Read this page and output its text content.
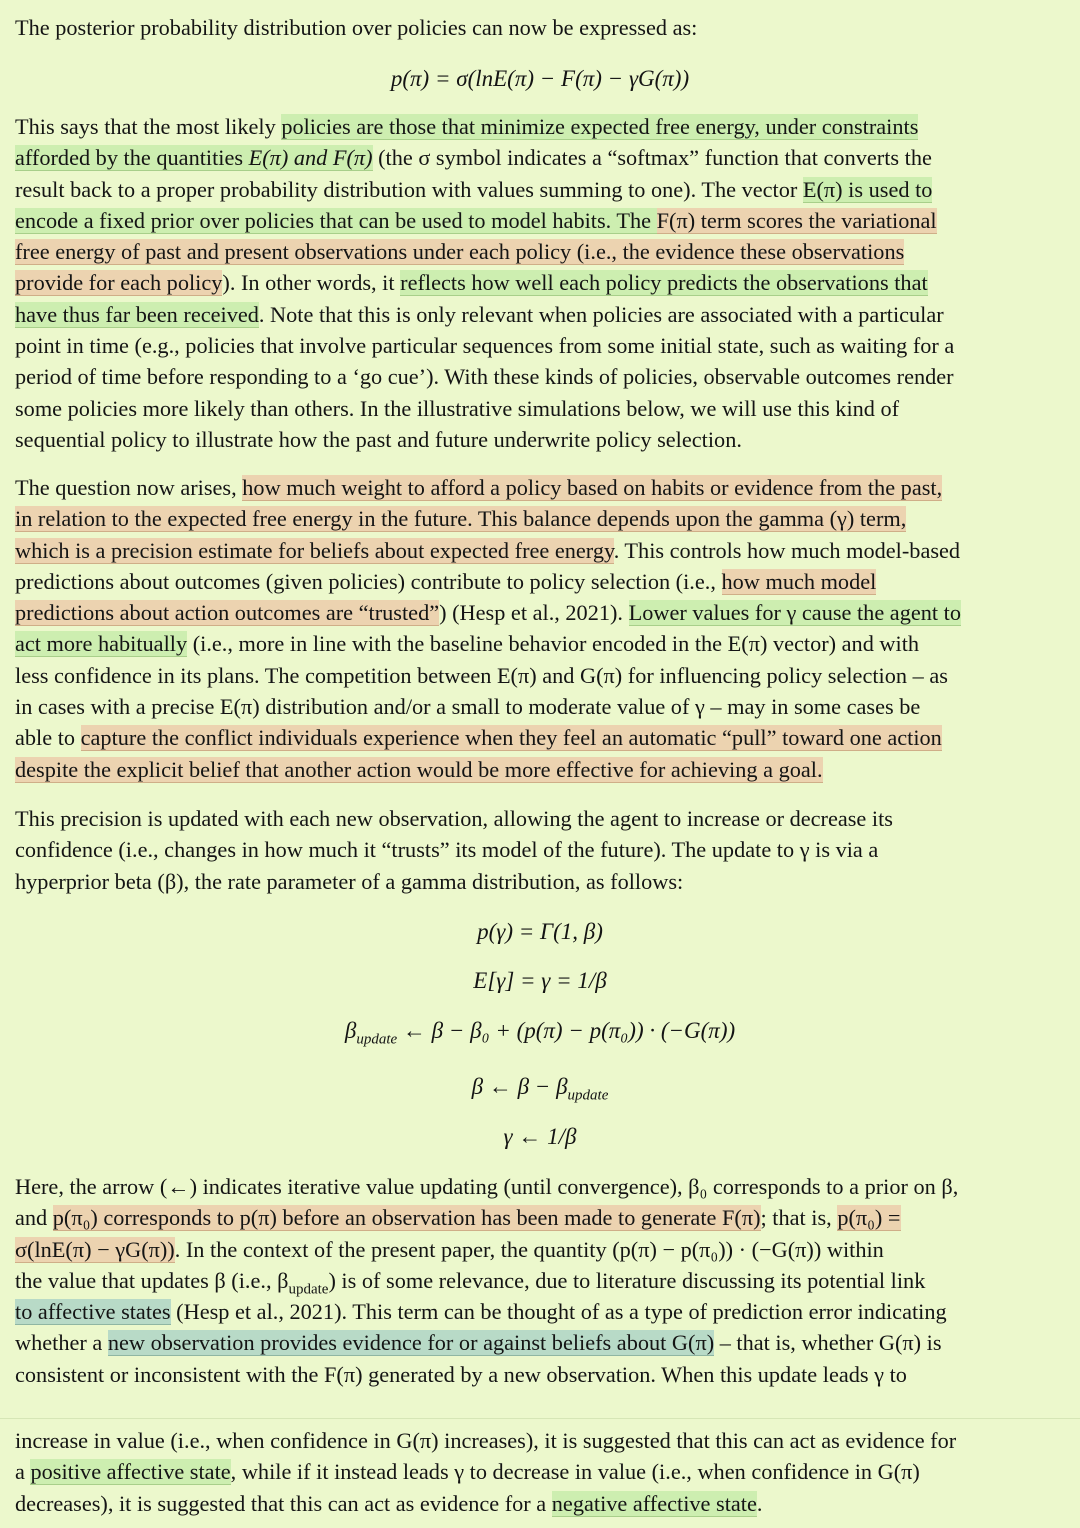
The posterior probability distribution over policies can now be expressed as:
p(π) = σ(lnE(π) − F(π) − γG(π))
This says that the most likely policies are those that minimize expected free energy, under constraints
afforded by the quantities E(π) and F(π) (the σ symbol indicates a “softmax” function that converts the
result back to a proper probability distribution with values summing to one). The vector E(π) is used to
encode a fixed prior over policies that can be used to model habits. The F(π) term scores the variational
free energy of past and present observations under each policy (i.e., the evidence these observations
provide for each policy). In other words, it reflects how well each policy predicts the observations that
have thus far been received. Note that this is only relevant when policies are associated with a particular
point in time (e.g., policies that involve particular sequences from some initial state, such as waiting for a
period of time before responding to a ‘go cue’). With these kinds of policies, observable outcomes render
some policies more likely than others. In the illustrative simulations below, we will use this kind of
sequential policy to illustrate how the past and future underwrite policy selection.
The question now arises, how much weight to afford a policy based on habits or evidence from the past,
in relation to the expected free energy in the future. This balance depends upon the gamma (γ) term,
which is a precision estimate for beliefs about expected free energy. This controls how much model-based
predictions about outcomes (given policies) contribute to policy selection (i.e., how much model
predictions about action outcomes are “trusted”) (Hesp et al., 2021). Lower values for γ cause the agent to
act more habitually (i.e., more in line with the baseline behavior encoded in the E(π) vector) and with
less confidence in its plans. The competition between E(π) and G(π) for influencing policy selection – as
in cases with a precise E(π) distribution and/or a small to moderate value of γ – may in some cases be
able to capture the conflict individuals experience when they feel an automatic “pull” toward one action
despite the explicit belief that another action would be more effective for achieving a goal.
This precision is updated with each new observation, allowing the agent to increase or decrease its
confidence (i.e., changes in how much it “trusts” its model of the future). The update to γ is via a
hyperprior beta (β), the rate parameter of a gamma distribution, as follows:
p(γ) = Γ(1, β)
E[γ] = γ = 1/β
$\beta_{update}$ ← β − β₀ + (p(π) − p(π₀)) · (−G(π))
β ← $\beta - \beta_{update}$
γ ← 1/β
Here, the arrow (←) indicates iterative value updating (until convergence), β₀ corresponds to a prior on β,
and p(π₀) corresponds to p(π) before an observation has been made to generate F(π); that is, p(π₀) =
σ(lnE(π) − γG(π)). In the context of the present paper, the quantity (p(π) − p(π₀)) · (−G(π)) within
the value that updates β (i.e., $\beta_{update}$) is of some relevance, due to literature discussing its potential link
to affective states (Hesp et al., 2021). This term can be thought of as a type of prediction error indicating
whether a new observation provides evidence for or against beliefs about G(π) – that is, whether G(π) is
consistent or inconsistent with the F(π) generated by a new observation. When this update leads γ to
increase in value (i.e., when confidence in G(π) increases), it is suggested that this can act as evidence for
a positive affective state, while if it instead leads γ to decrease in value (i.e., when confidence in G(π)
decreases), it is suggested that this can act as evidence for a negative affective state.
